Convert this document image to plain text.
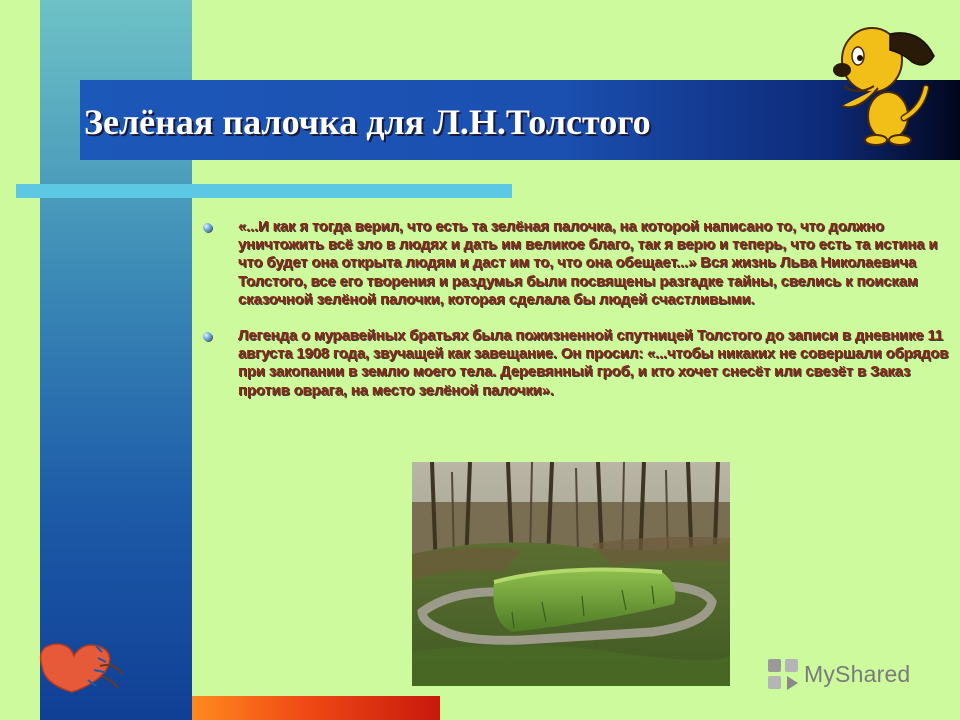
Зелёная палочка для Л.Н.Толстого
«...И как я тогда верил, что есть та зелёная палочка, на которой написано то, что должно уничтожить всё зло в людях и дать им великое благо, так я верю и теперь, что есть та истина и что будет она открыта людям и даст им то, что она обещает...» Вся жизнь Льва Николаевича Толстого, все его творения и раздумья были посвящены разгадке тайны, свелись к поискам сказочной зелёной палочки, которая сделала бы людей счастливыми.
Легенда о муравейных братьях была пожизненной спутницей Толстого до записи в дневнике 11 августа 1908 года, звучащей как завещание. Он просил: «...чтобы никаких не совершали обрядов при закопании в землю моего тела. Деревянный гроб, и кто хочет снесёт или свезёт в Заказ против оврага, на место зелёной палочки».
MyShared
